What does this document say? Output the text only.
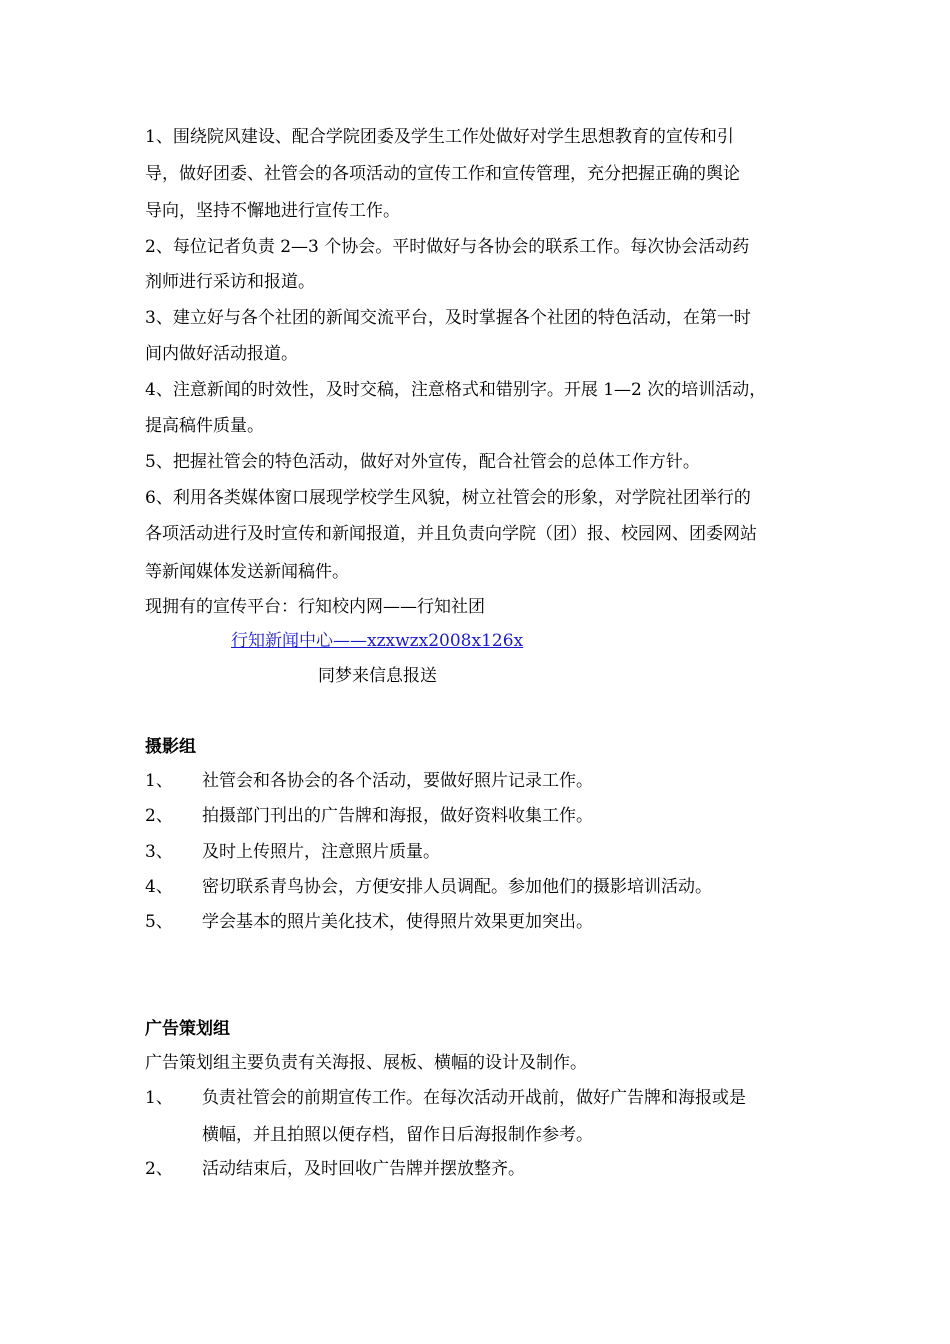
1、围绕院风建设、配合学院团委及学生工作处做好对学生思想教育的宣传和引
导，做好团委、社管会的各项活动的宣传工作和宣传管理，充分把握正确的舆论
导向，坚持不懈地进行宣传工作。
2、每位记者负责 2—3 个协会。平时做好与各协会的联系工作。每次协会活动药
剂师进行采访和报道。
3、建立好与各个社团的新闻交流平台，及时掌握各个社团的特色活动，在第一时
间内做好活动报道。
4、注意新闻的时效性，及时交稿，注意格式和错别字。开展 1—2 次的培训活动，
提高稿件质量。
5、把握社管会的特色活动，做好对外宣传，配合社管会的总体工作方针。
6、利用各类媒体窗口展现学校学生风貌，树立社管会的形象，对学院社团举行的
各项活动进行及时宣传和新闻报道，并且负责向学院（团）报、校园网、团委网站
等新闻媒体发送新闻稿件。
现拥有的宣传平台：行知校内网——行知社团
行知新闻中心——xzxwzx2008x126x
同梦来信息报送
摄影组
1、 社管会和各协会的各个活动，要做好照片记录工作。
2、 拍摄部门刊出的广告牌和海报，做好资料收集工作。
3、 及时上传照片，注意照片质量。
4、 密切联系青鸟协会，方便安排人员调配。参加他们的摄影培训活动。
5、 学会基本的照片美化技术，使得照片效果更加突出。
广告策划组
广告策划组主要负责有关海报、展板、横幅的设计及制作。
1、 负责社管会的前期宣传工作。在每次活动开战前，做好广告牌和海报或是
横幅，并且拍照以便存档，留作日后海报制作参考。
2、 活动结束后，及时回收广告牌并摆放整齐。
